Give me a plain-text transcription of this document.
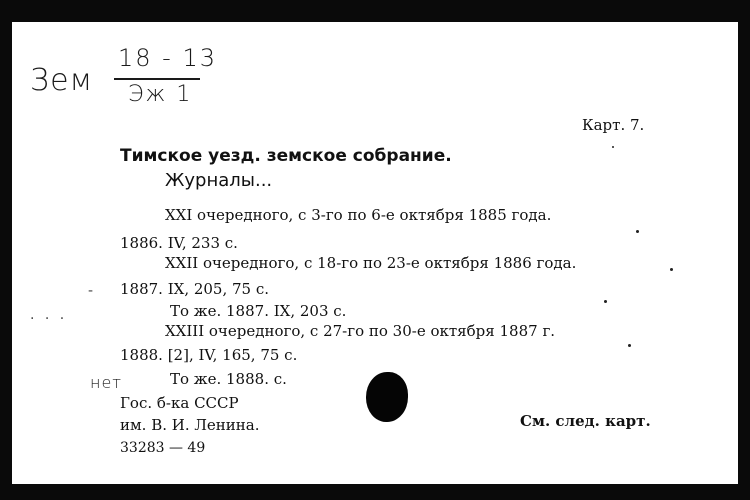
Зем
18 - 13
Эж 1
Карт. 7.
Тимское уезд. земское собрание.
Журналы...
XXI очередного, с 3-го по 6-е октября 1885 года.
1886. IV, 233 с.
XXII очередного, с 18-го по 23-е октября 1886 года.
1887. IX, 205, 75 с.
То же. 1887. IX, 203 с.
XXIII очередного, с 27-го по 30-е октября 1887 г.
1888. [2], IV, 165, 75 с.
То же. 1888. с.
нет
Гос. б-ка СССР
им. В. И. Ленина.
33283 — 49
См. след. карт.
-
. . .
